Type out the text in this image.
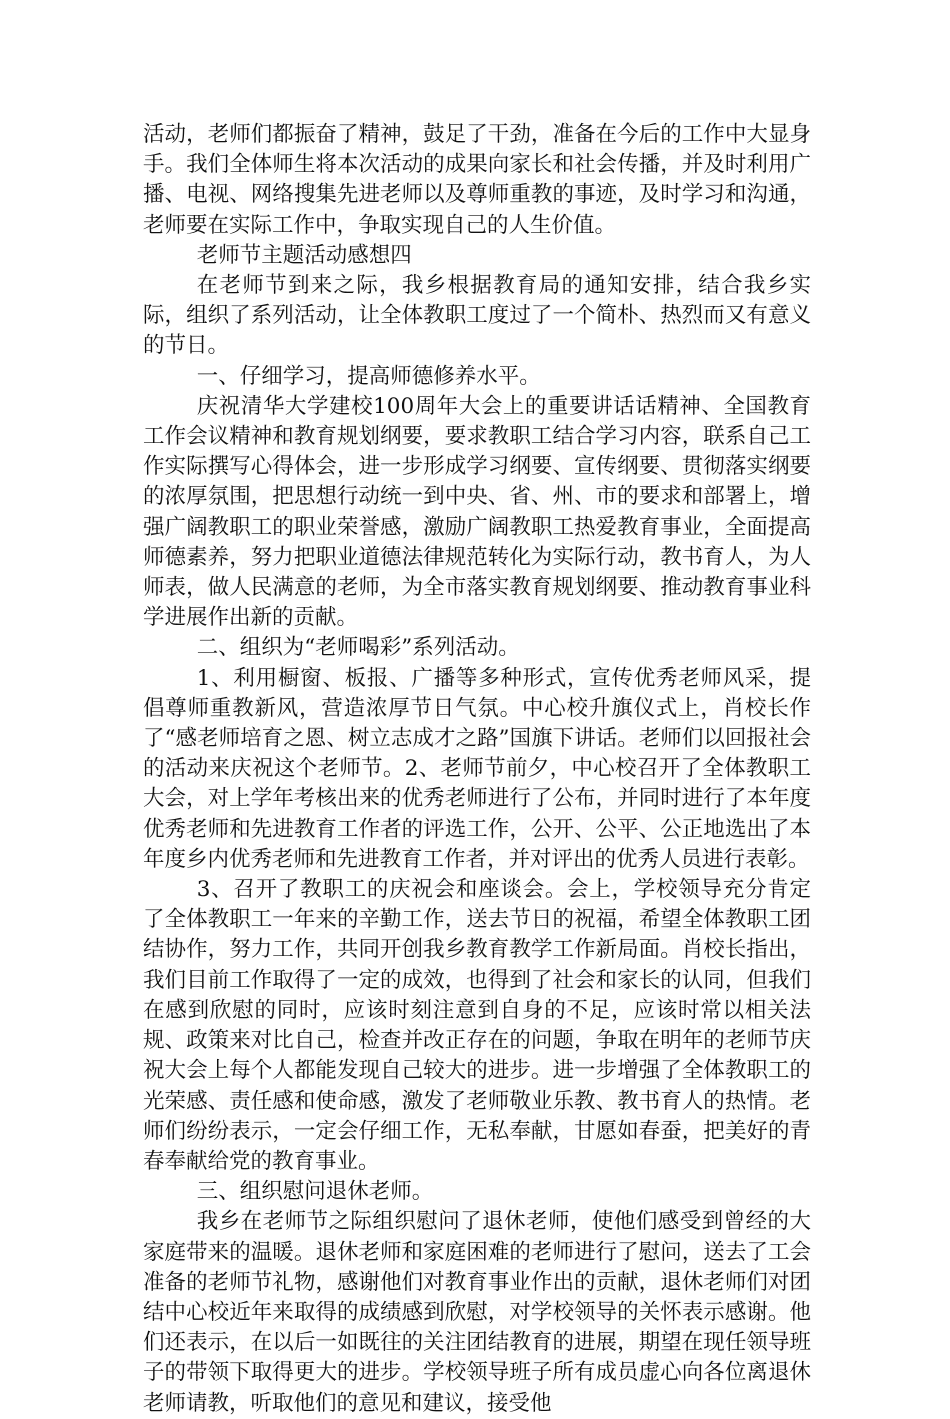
活动，老师们都振奋了精神，鼓足了干劲，准备在今后的工作中大显身手。我们全体师生将本次活动的成果向家长和社会传播，并及时利用广播、电视、网络搜集先进老师以及尊师重教的事迹，及时学习和沟通，老师要在实际工作中，争取实现自己的人生价值。

老师节主题活动感想四

在老师节到来之际，我乡根据教育局的通知安排，结合我乡实际，组织了系列活动，让全体教职工度过了一个简朴、热烈而又有意义的节日。

一、仔细学习，提高师德修养水平。

庆祝清华大学建校100周年大会上的重要讲话话精神、全国教育工作会议精神和教育规划纲要，要求教职工结合学习内容，联系自己工作实际撰写心得体会，进一步形成学习纲要、宣传纲要、贯彻落实纲要的浓厚氛围，把思想行动统一到中央、省、州、市的要求和部署上，增强广阔教职工的职业荣誉感，激励广阔教职工热爱教育事业，全面提高师德素养，努力把职业道德法律规范转化为实际行动，教书育人，为人师表，做人民满意的老师，为全市落实教育规划纲要、推动教育事业科学进展作出新的贡献。

二、组织为“老师喝彩”系列活动。

1、利用橱窗、板报、广播等多种形式，宣传优秀老师风采，提倡尊师重教新风，营造浓厚节日气氛。中心校升旗仪式上，肖校长作了“感老师培育之恩、树立志成才之路”国旗下讲话。老师们以回报社会的活动来庆祝这个老师节。2、老师节前夕，中心校召开了全体教职工大会，对上学年考核出来的优秀老师进行了公布，并同时进行了本年度优秀老师和先进教育工作者的评选工作，公开、公平、公正地选出了本年度乡内优秀老师和先进教育工作者，并对评出的优秀人员进行表彰。

3、召开了教职工的庆祝会和座谈会。会上，学校领导充分肯定了全体教职工一年来的辛勤工作，送去节日的祝福，希望全体教职工团结协作，努力工作，共同开创我乡教育教学工作新局面。肖校长指出，我们目前工作取得了一定的成效，也得到了社会和家长的认同，但我们在感到欣慰的同时，应该时刻注意到自身的不足，应该时常以相关法规、政策来对比自己，检查并改正存在的问题，争取在明年的老师节庆祝大会上每个人都能发现自己较大的进步。进一步增强了全体教职工的光荣感、责任感和使命感，激发了老师敬业乐教、教书育人的热情。老师们纷纷表示，一定会仔细工作，无私奉献，甘愿如春蚕，把美好的青春奉献给党的教育事业。

三、组织慰问退休老师。

我乡在老师节之际组织慰问了退休老师，使他们感受到曾经的大家庭带来的温暖。退休老师和家庭困难的老师进行了慰问，送去了工会准备的老师节礼物，感谢他们对教育事业作出的贡献，退休老师们对团结中心校近年来取得的成绩感到欣慰，对学校领导的关怀表示感谢。他们还表示，在以后一如既往的关注团结教育的进展，期望在现任领导班子的带领下取得更大的进步。学校领导班子所有成员虚心向各位离退休老师请教，听取他们的意见和建议，接受他
